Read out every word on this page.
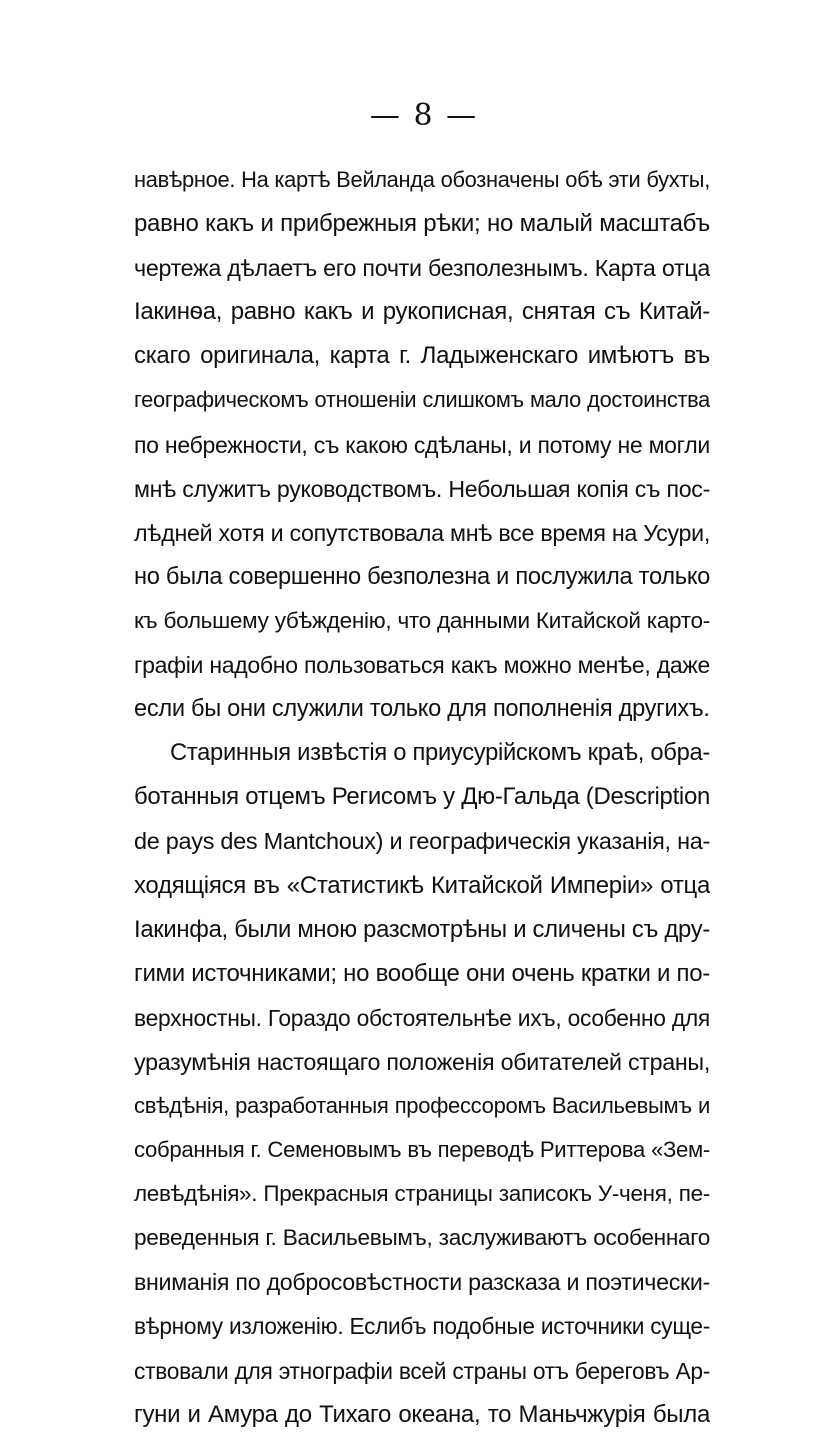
— 8 —
навѣрное. На картѣ Вейланда обозначены обѣ эти бухты,
равно какъ и прибрежныя рѣки; но малый масштабъ
чертежа дѣлаетъ его почти безполезнымъ. Карта отца
Іакинѳа, равно какъ и рукописная, снятая съ Китай-
скаго оригинала, карта г. Ладыженскаго имѣютъ въ
географическомъ отношеніи слишкомъ мало достоинства
по небрежности, съ какою сдѣланы, и потому не могли
мнѣ служитъ руководствомъ. Небольшая копія съ пос-
лѣдней хотя и сопутствовала мнѣ все время на Усури,
но была совершенно безполезна и послужила только
къ большему убѣжденію, что данными Китайской карто-
графіи надобно пользоваться какъ можно менѣе, даже
если бы они служили только для пополненія другихъ.
Старинныя извѣстія о приусурійскомъ краѣ, обра-
ботанныя отцемъ Регисомъ у Дю-Гальда (Description
de pays des Mantchoux) и географическія указанія, на-
ходящіяся въ «Статистикѣ Китайской Имперіи» отца
Іакинфа, были мною разсмотрѣны и сличены съ дру-
гими источниками; но вообще они очень кратки и по-
верхностны. Гораздо обстоятельнѣе ихъ, особенно для
уразумѣнія настоящаго положенія обитателей страны,
свѣдѣнія, разработанныя профессоромъ Васильевымъ и
собранныя г. Семеновымъ въ переводѣ Риттерова «Зем-
левѣдѣнія». Прекрасныя страницы записокъ У-ченя, пе-
реведенныя г. Васильевымъ, заслуживаютъ особеннаго
вниманія по добросовѣстности разсказа и поэтически-
вѣрному изложенію. Еслибъ подобные источники суще-
ствовали для этнографіи всей страны отъ береговъ Ар-
гуни и Амура до Тихаго океана, то Маньчжурія была
